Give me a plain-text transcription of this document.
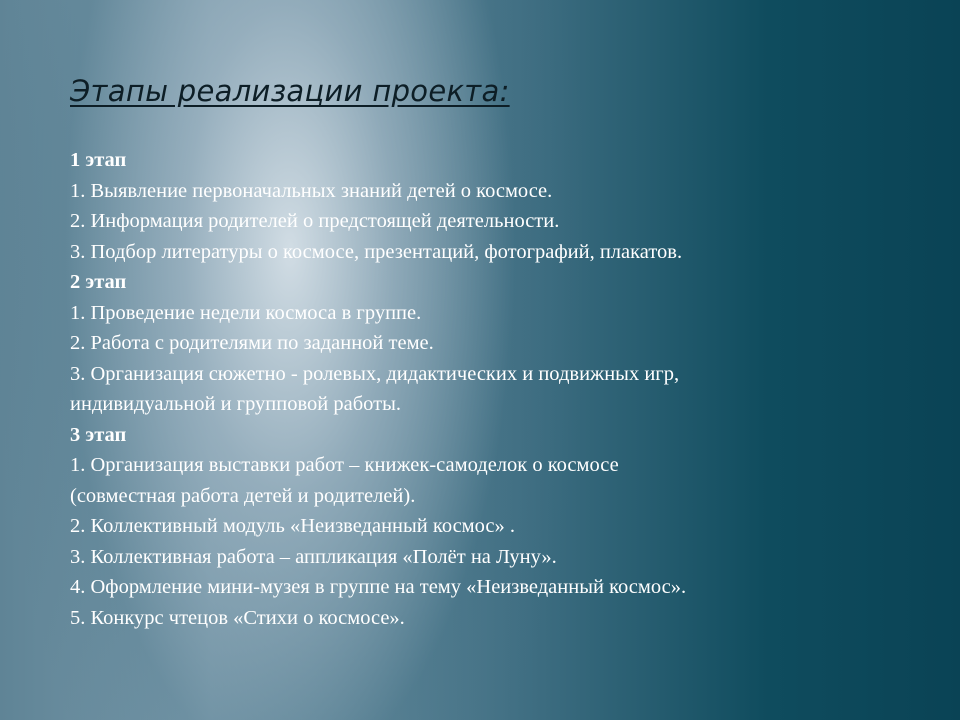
Этапы реализации проекта:
1 этап
1. Выявление первоначальных знаний детей о космосе.
2. Информация родителей о предстоящей деятельности.
3. Подбор литературы о космосе, презентаций, фотографий, плакатов.
2 этап
1. Проведение недели космоса в группе.
2. Работа с родителями по заданной теме.
3. Организация сюжетно - ролевых, дидактических и подвижных игр,
индивидуальной и групповой работы.
3 этап
1. Организация выставки работ – книжек-самоделок о космосе
(совместная работа детей и родителей).
2. Коллективный модуль «Неизведанный космос» .
3. Коллективная работа – аппликация «Полёт на Луну».
4. Оформление мини-музея в группе на тему «Неизведанный космос».
5. Конкурс чтецов «Стихи о космосе».
